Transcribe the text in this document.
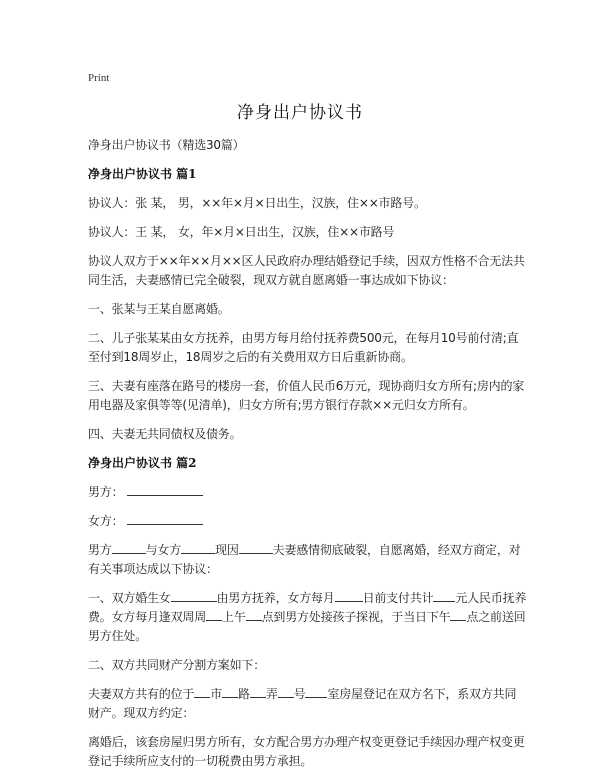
Print
净身出户协议书

净身出户协议书（精选30篇）

净身出户协议书 篇1

协议人：张 某， 男，××年×月×日出生，汉族，住××市路号。

协议人：王 某， 女，年×月×日出生，汉族，住××市路号

协议人双方于××年××月××区人民政府办理结婚登记手续，因双方性格不合无法共同生活，夫妻感情已完全破裂，现双方就自愿离婚一事达成如下协议：

一、张某与王某自愿离婚。

二、儿子张某某由女方抚养，由男方每月给付抚养费500元，在每月10号前付清;直至付到18周岁止，18周岁之后的有关费用双方日后重新协商。

三、夫妻有座落在路号的楼房一套，价值人民币6万元，现协商归女方所有;房内的家用电器及家俱等等(见清单)，归女方所有;男方银行存款××元归女方所有。

四、夫妻无共同债权及债务。

净身出户协议书 篇2

男方：

女方：

男方	与女方	现因	夫妻感情彻底破裂，自愿离婚，经双方商定，对有关事项达成以下协议：

一、双方婚生女	由男方抚养，女方每月 日前支付共计 元人民币抚养费。女方每月逢双周周 上午 点到男方处接孩子探视，于当日下午 点之前送回男方住处。

二、双方共同财产分割方案如下：

夫妻双方共有的位于 市 路 弄 号 室房屋登记在双方名下，系双方共同财产。现双方约定：

离婚后，该套房屋归男方所有，女方配合男方办理产权变更登记手续因办理产权变更登记手续所应支付的一切税费由男方承担。
